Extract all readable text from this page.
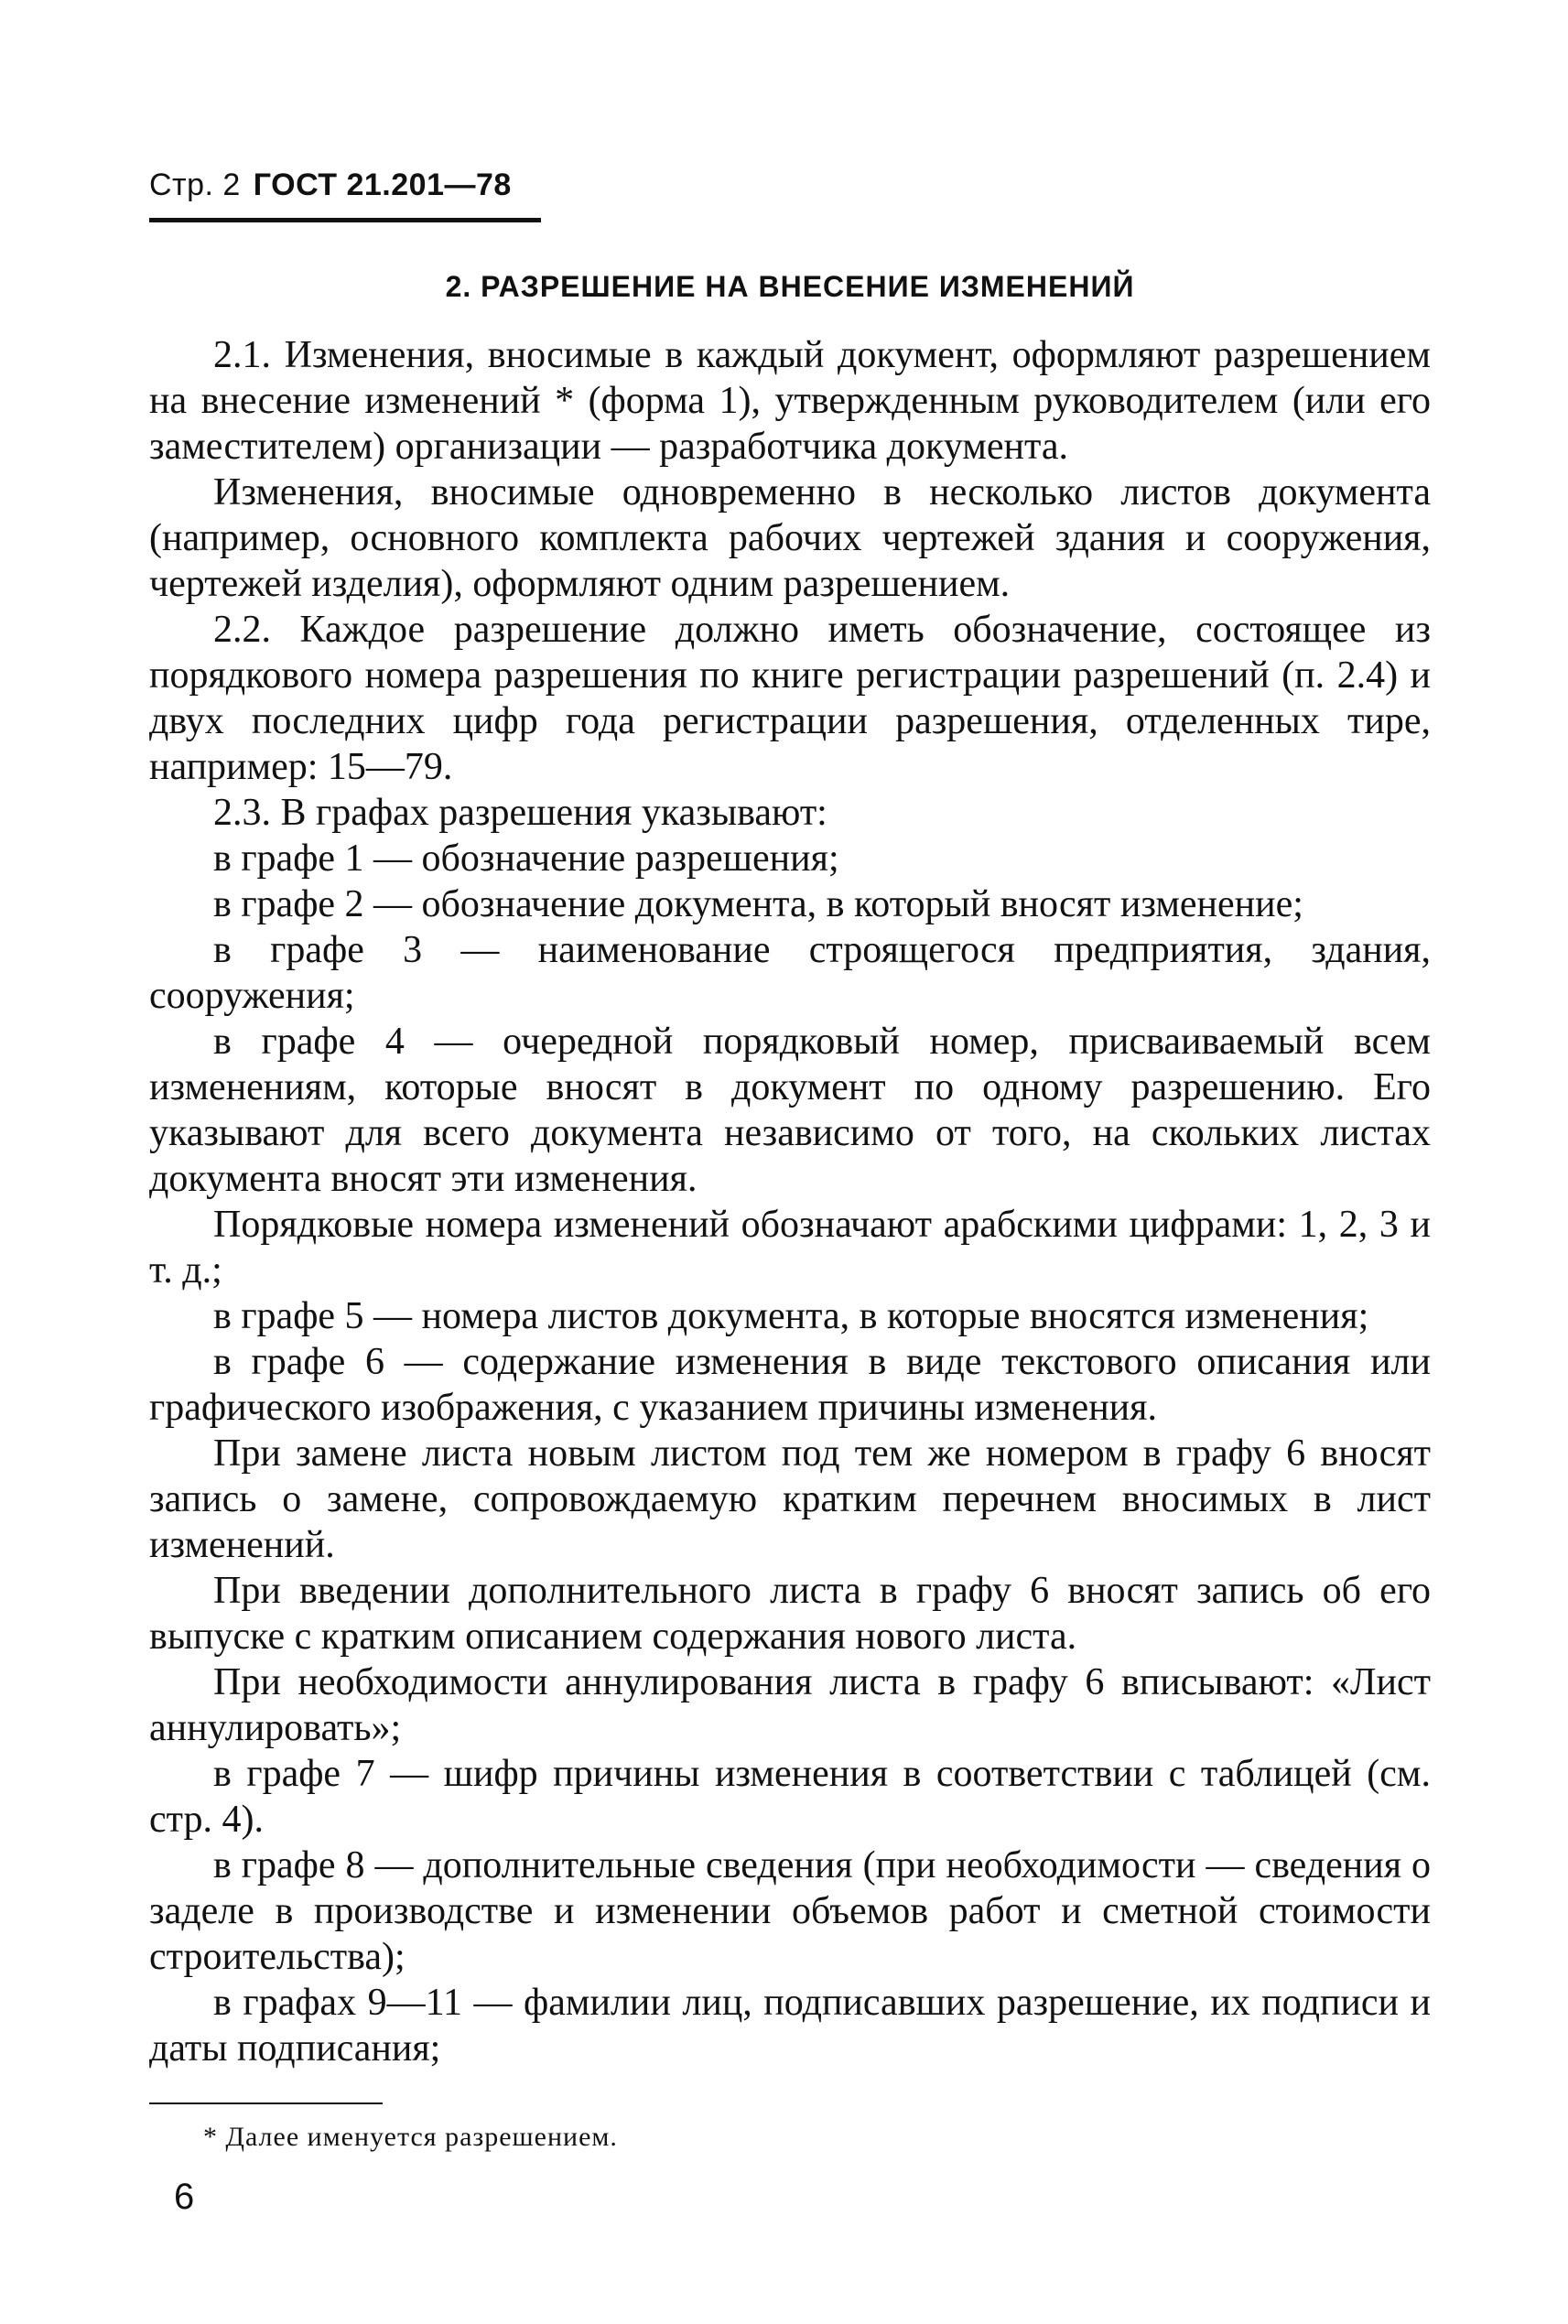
Стр. 2 ГОСТ 21.201—78
2. РАЗРЕШЕНИЕ НА ВНЕСЕНИЕ ИЗМЕНЕНИЙ

2.1. Изменения, вносимые в каждый документ, оформляют разрешением на внесение изменений * (форма 1), утвержденным руководителем (или его заместителем) организации — разработчика документа.

Изменения, вносимые одновременно в несколько листов документа (например, основного комплекта рабочих чертежей здания и сооружения, чертежей изделия), оформляют одним разрешением.

2.2. Каждое разрешение должно иметь обозначение, состоящее из порядкового номера разрешения по книге регистрации разрешений (п. 2.4) и двух последних цифр года регистрации разрешения, отделенных тире, например: 15—79.

2.3. В графах разрешения указывают:

в графе 1 — обозначение разрешения;

в графе 2 — обозначение документа, в который вносят изменение;

в графе 3 — наименование строящегося предприятия, здания, сооружения;

в графе 4 — очередной порядковый номер, присваиваемый всем изменениям, которые вносят в документ по одному разрешению. Его указывают для всего документа независимо от того, на скольких листах документа вносят эти изменения.

Порядковые номера изменений обозначают арабскими цифрами: 1, 2, 3 и т. д.;

в графе 5 — номера листов документа, в которые вносятся изменения;

в графе 6 — содержание изменения в виде текстового описания или графического изображения, с указанием причины изменения.

При замене листа новым листом под тем же номером в графу 6 вносят запись о замене, сопровождаемую кратким перечнем вносимых в лист изменений.

При введении дополнительного листа в графу 6 вносят запись об его выпуске с кратким описанием содержания нового листа.

При необходимости аннулирования листа в графу 6 вписывают: «Лист аннулировать»;

в графе 7 — шифр причины изменения в соответствии с таблицей (см. стр. 4).

в графе 8 — дополнительные сведения (при необходимости — сведения о заделе в производстве и изменении объемов работ и сметной стоимости строительства);

в графах 9—11 — фамилии лиц, подписавших разрешение, их подписи и даты подписания;

* Далее именуется разрешением.
6
